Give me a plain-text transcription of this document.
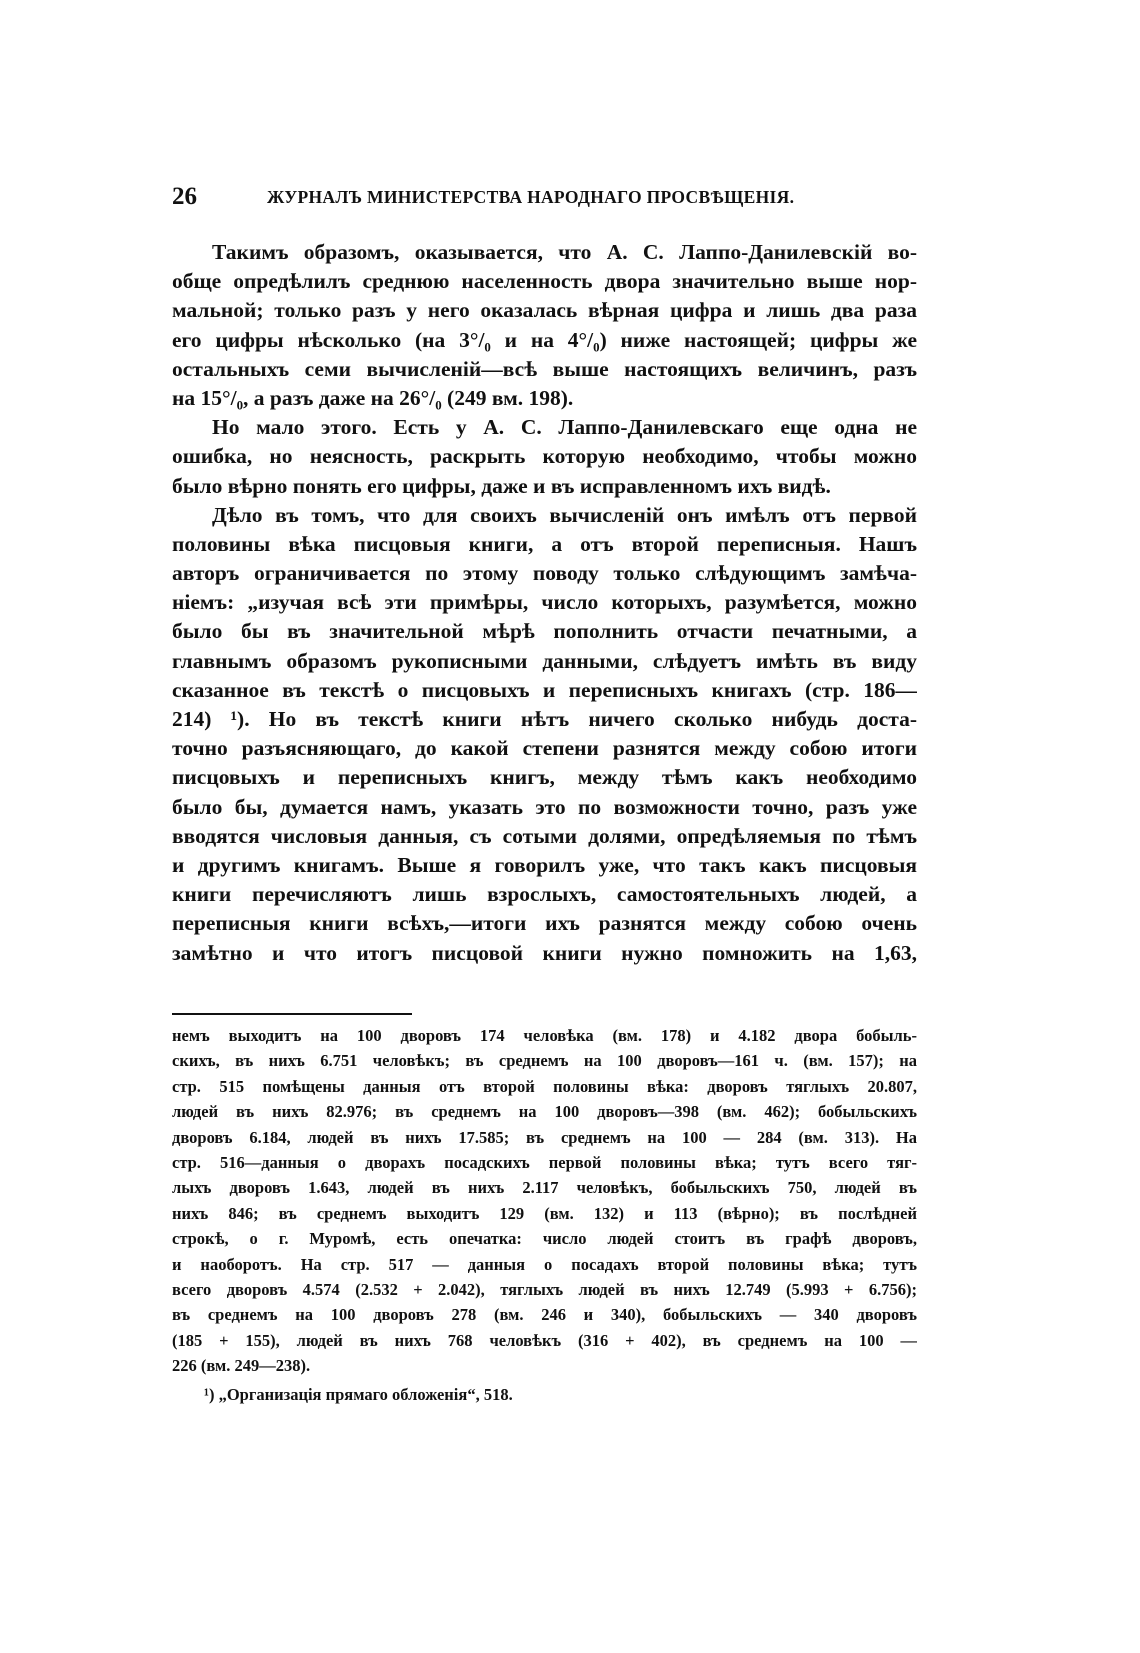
26	ЖУРНАЛЪ МИНИСТЕРСТВА НАРОДНАГО ПРОСВѢЩЕНІЯ.
Такимъ образомъ, оказывается, что А. С. Лаппо-Данилевскій во-
обще опредѣлилъ среднюю населенность двора значительно выше нор-
мальной; только разъ у него оказалась вѣрная цифра и лишь два раза
его цифры нѣсколько (на 3°/₀ и на 4°/₀) ниже настоящей; цифры же
остальныхъ семи вычисленій—всѣ выше настоящихъ величинъ, разъ
на 15°/₀, а разъ даже на 26°/₀ (249 вм. 198).
Но мало этого. Есть у А. С. Лаппо-Данилевскаго еще одна не
ошибка, но неясность, раскрыть которую необходимо, чтобы можно
было вѣрно понять его цифры, даже и въ исправленномъ ихъ видѣ.
Дѣло въ томъ, что для своихъ вычисленій онъ имѣлъ отъ первой
половины вѣка писцовыя книги, а отъ второй переписныя. Нашъ
авторъ ограничивается по этому поводу только слѣдующимъ замѣча-
ніемъ: „изучая всѣ эти примѣры, число которыхъ, разумѣется, можно
было бы въ значительной мѣрѣ пополнить отчасти печатными, а
главнымъ образомъ рукописными данными, слѣдуетъ имѣть въ виду
сказанное въ текстѣ о писцовыхъ и переписныхъ книгахъ (стр. 186—
214) ¹). Но въ текстѣ книги нѣтъ ничего сколько нибудь доста-
точно разъясняющаго, до какой степени разнятся между собою итоги
писцовыхъ и переписныхъ книгъ, между тѣмъ какъ необходимо
было бы, думается намъ, указать это по возможности точно, разъ уже
вводятся числовыя данныя, съ сотыми долями, опредѣляемыя по тѣмъ
и другимъ книгамъ. Выше я говорилъ уже, что такъ какъ писцовыя
книги перечисляютъ лишь взрослыхъ, самостоятельныхъ людей, а
переписныя книги всѣхъ,—итоги ихъ разнятся между собою очень
замѣтно и что итогъ писцовой книги нужно помножить на 1,63,
немъ выходитъ на 100 дворовъ 174 человѣка (вм. 178) и 4.182 двора бобыль-
скихъ, въ нихъ 6.751 человѣкъ; въ среднемъ на 100 дворовъ—161 ч. (вм. 157); на
стр. 515 помѣщены данныя отъ второй половины вѣка: дворовъ тяглыхъ 20.807,
людей въ нихъ 82.976; въ среднемъ на 100 дворовъ—398 (вм. 462); бобыльскихъ
дворовъ 6.184, людей въ нихъ 17.585; въ среднемъ на 100 — 284 (вм. 313). На
стр. 516—данныя о дворахъ посадскихъ первой половины вѣка; тутъ всего тяг-
лыхъ дворовъ 1.643, людей въ нихъ 2.117 человѣкъ, бобыльскихъ 750, людей въ
нихъ 846; въ среднемъ выходитъ 129 (вм. 132) и 113 (вѣрно); въ послѣдней
строкѣ, о г. Муромѣ, есть опечатка: число людей стоитъ въ графѣ дворовъ,
и наоборотъ. На стр. 517 — данныя о посадахъ второй половины вѣка; тутъ
всего дворовъ 4.574 (2.532 + 2.042), тяглыхъ людей въ нихъ 12.749 (5.993 + 6.756);
въ среднемъ на 100 дворовъ 278 (вм. 246 и 340), бобыльскихъ — 340 дворовъ
(185 + 155), людей въ нихъ 768 человѣкъ (316 + 402), въ среднемъ на 100 —
226 (вм. 249—238).
¹) „Организація прямаго обложенія“, 518.
